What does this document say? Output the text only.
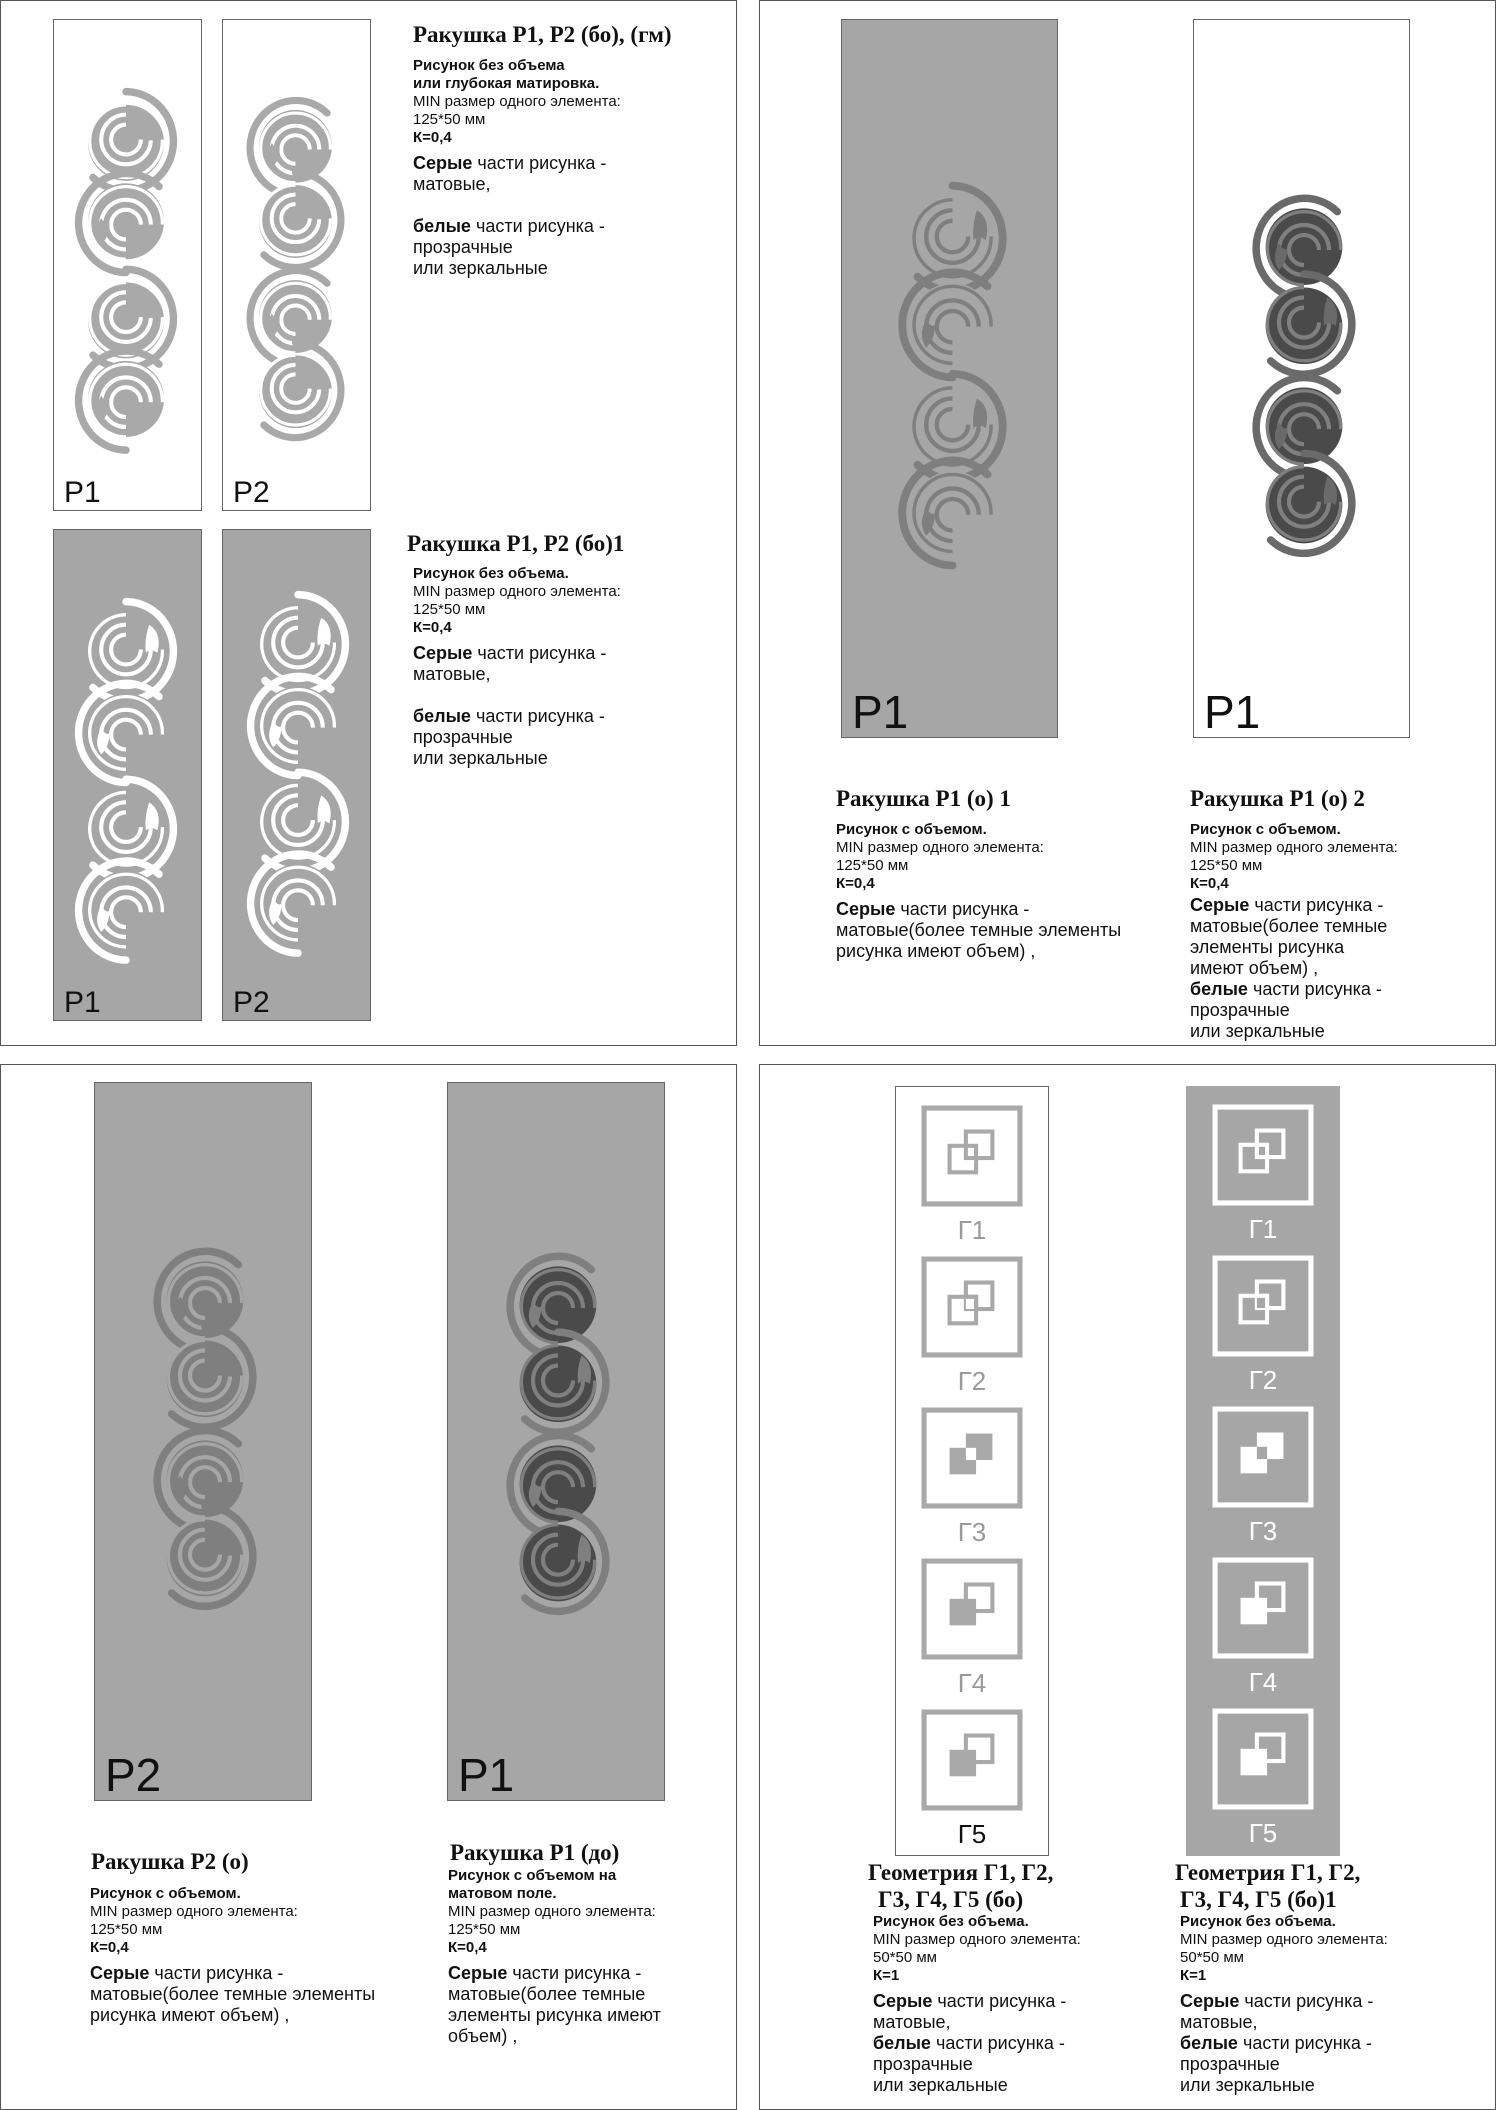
Р1	Р2
Ракушка Р1, Р2 (бо), (гм)
Рисунок без объема
или глубокая матировка.
MIN размер одного элемента:
125*50 мм
К=0,4
Серые части рисунка -
матовые,
белые части рисунка -
прозрачные
или зеркальные
Р1	Р2
Ракушка Р1, Р2 (бо)1
Рисунок без объема.
MIN размер одного элемента:
125*50 мм
К=0,4
Серые части рисунка -
матовые,
белые части рисунка -
прозрачные
или зеркальные
Р1	Р1
Ракушка Р1 (о) 1
Рисунок с объемом.
MIN размер одного элемента:
125*50 мм
К=0,4
Серые части рисунка -
матовые(более темные элементы
рисунка имеют объем) ,
Ракушка Р1 (о) 2
Рисунок с объемом.
MIN размер одного элемента:
125*50 мм
К=0,4
Серые части рисунка -
матовые(более темные
элементы рисунка
имеют объем) ,
белые части рисунка -
прозрачные
или зеркальные
Р2	Р1
Ракушка Р2 (о)
Рисунок с объемом.
MIN размер одного элемента:
125*50 мм
К=0,4
Серые части рисунка -
матовые(более темные элементы
рисунка имеют объем) ,
Ракушка Р1 (до)
Рисунок с объемом на
матовом поле.
MIN размер одного элемента:
125*50 мм
К=0,4
Серые части рисунка -
матовые(более темные
элементы рисунка имеют
объем) ,
Г1
Г2
Г3
Г4
Г5
Г1
Г2
Г3
Г4
Г5
Геометрия Г1, Г2,
Г3, Г4, Г5 (бо)
Рисунок без объема.
MIN размер одного элемента:
50*50 мм
К=1
Серые части рисунка -
матовые,
белые части рисунка -
прозрачные
или зеркальные
Геометрия Г1, Г2,
Г3, Г4, Г5 (бо)1
Рисунок без объема.
MIN размер одного элемента:
50*50 мм
К=1
Серые части рисунка -
матовые,
белые части рисунка -
прозрачные
или зеркальные
